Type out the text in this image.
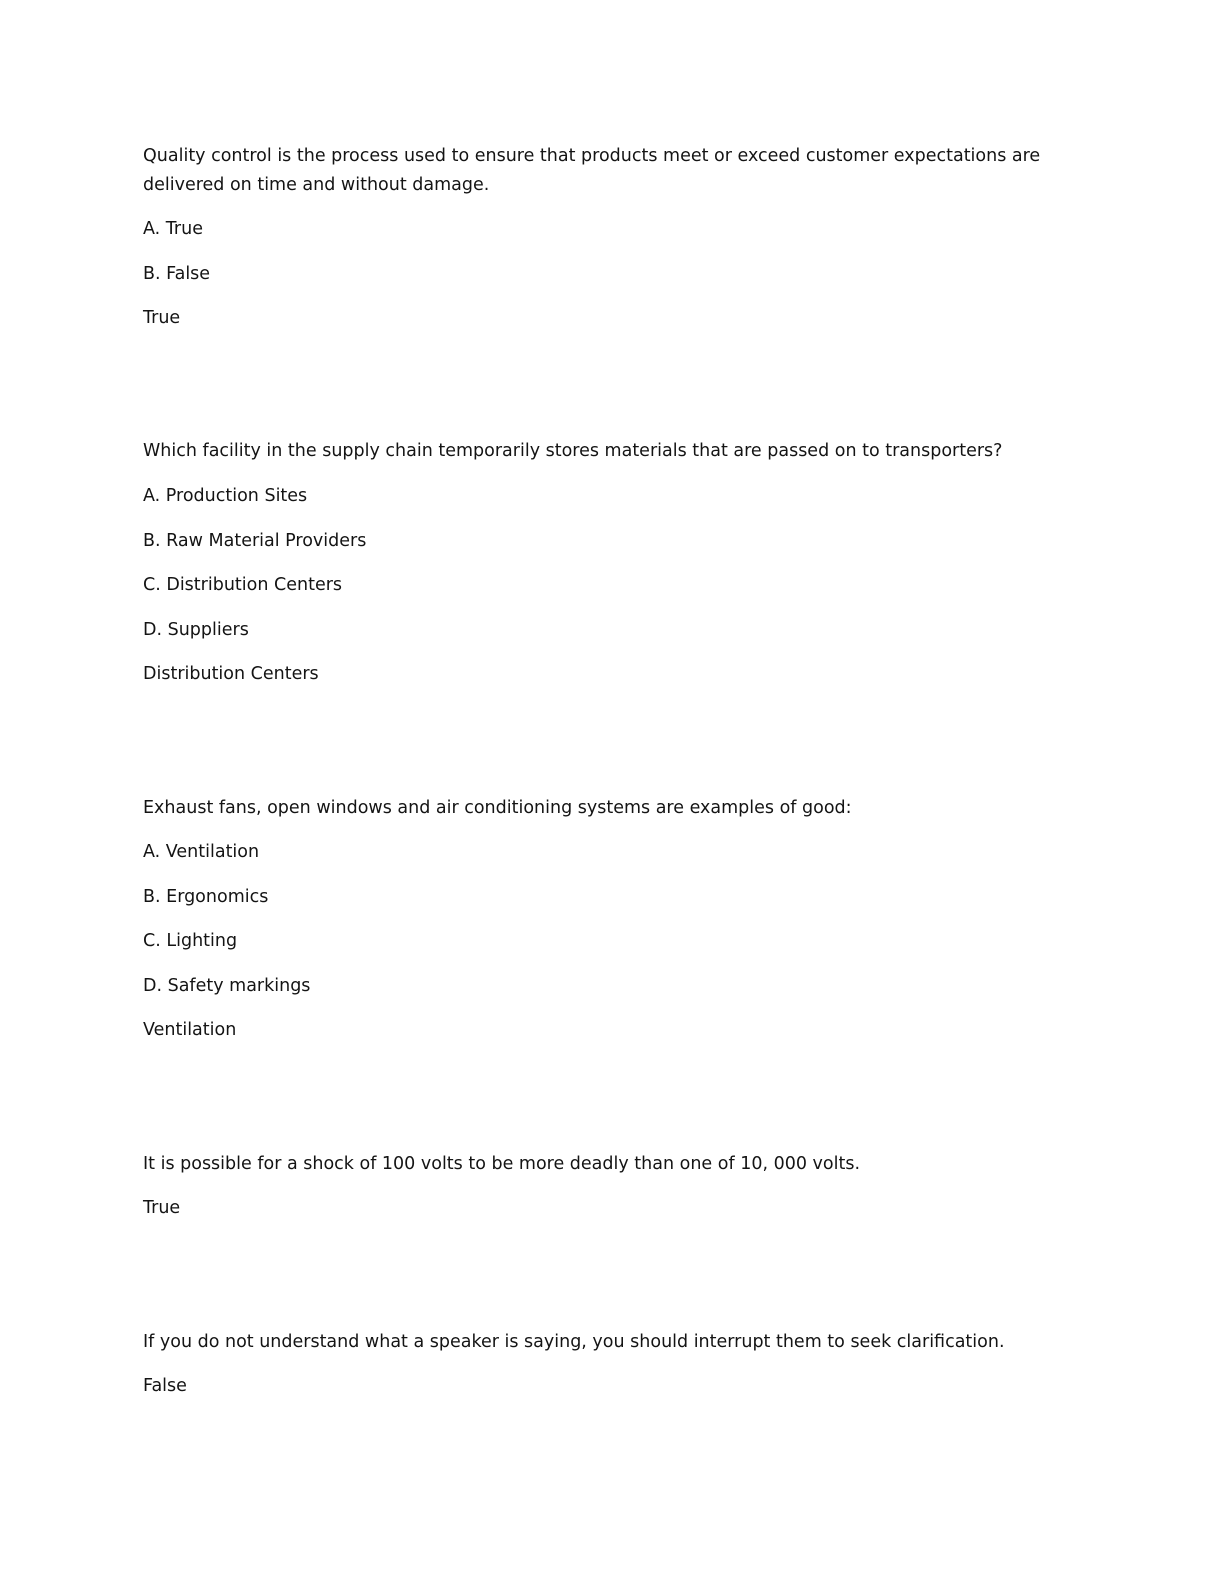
Quality control is the process used to ensure that products meet or exceed customer expectations are
delivered on time and without damage.
A. True
B. False
True
Which facility in the supply chain temporarily stores materials that are passed on to transporters?
A. Production Sites
B. Raw Material Providers
C. Distribution Centers
D. Suppliers
Distribution Centers
Exhaust fans, open windows and air conditioning systems are examples of good:
A. Ventilation
B. Ergonomics
C. Lighting
D. Safety markings
Ventilation
It is possible for a shock of 100 volts to be more deadly than one of 10, 000 volts.
True
If you do not understand what a speaker is saying, you should interrupt them to seek clarification.
False
